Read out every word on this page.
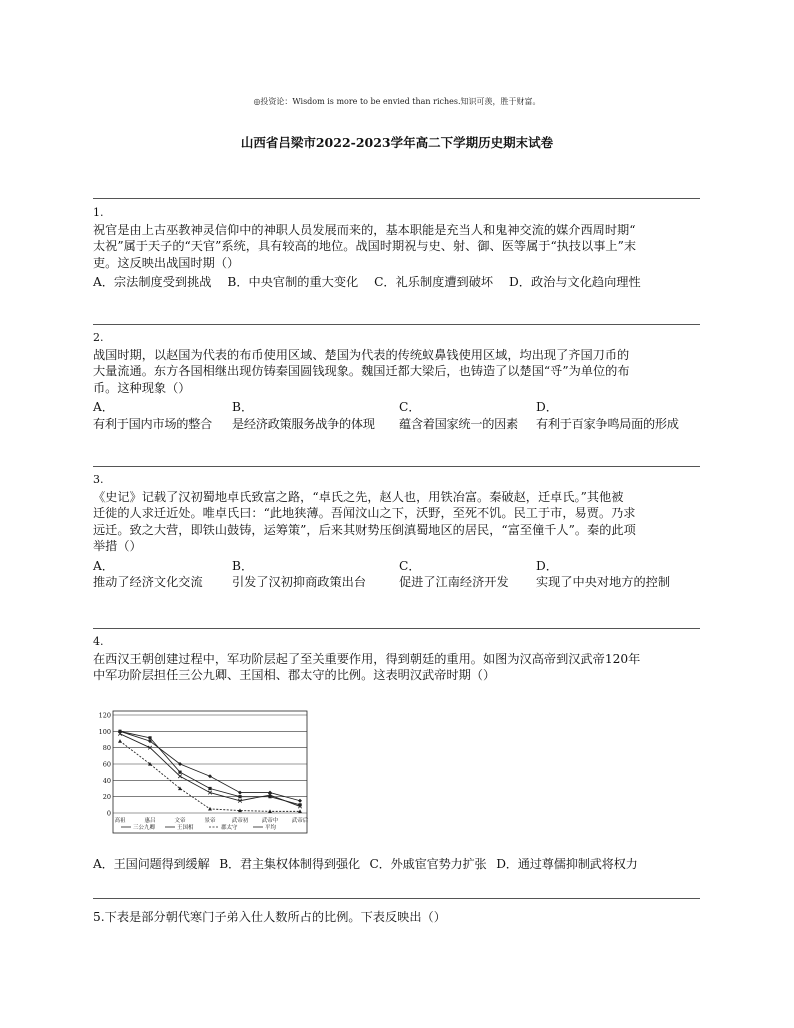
◎投资论：Wisdom is more to be envied than riches.知识可羡，胜于财富。
山西省吕梁市2022-2023学年高二下学期历史期末试卷
1.
祝官是由上古巫教神灵信仰中的神职人员发展而来的，基本职能是充当人和鬼神交流的媒介西周时期“
太祝”属于天子的“天官”系统，具有较高的地位。战国时期祝与史、射、御、医等属于“执技以事上”末
吏。这反映出战国时期（）
A．宗法制度受到挑战 B．中央官制的重大变化 C．礼乐制度遭到破坏 D．政治与文化趋向理性
2.
战国时期，以赵国为代表的布币使用区域、楚国为代表的传统蚁鼻钱使用区域，均出现了齐国刀币的
大量流通。东方各国相继出现仿铸秦国圆钱现象。魏国迁都大梁后，也铸造了以楚国“寽”为单位的布
币。这种现象（）
A．	B．	C．	D．
有利于国内市场的整合	是经济政策服务战争的体现	蕴含着国家统一的因素	有利于百家争鸣局面的形成
3.
《史记》记载了汉初蜀地卓氏致富之路，“卓氏之先，赵人也，用铁冶富。秦破赵，迁卓氏。”其他被
迁徙的人求迁近处。唯卓氏曰：“此地狭薄。吾闻汶山之下，沃野，至死不饥。民工于市，易贾。乃求
远迁。致之大营，即铁山鼓铸，运筹策”，后来其财势压倒滇蜀地区的居民，“富至僮千人”。秦的此项
举措（）
A．	B．	C．	D．
推动了经济文化交流	引发了汉初抑商政策出台	促进了江南经济开发	实现了中央对地方的控制
4.
在西汉王朝创建过程中，军功阶层起了至关重要作用，得到朝廷的重用。如图为汉高帝到汉武帝120年
中军功阶层担任三公九卿、王国相、郡太守的比例。这表明汉武帝时期（）
0
20
40
60
80
100
120
高祖	惠吕	文帝	景帝	武帝初 武帝中 武帝后
三公九卿	王国相	郡太守	平均
A．王国问题得到缓解 B．君主集权体制得到强化 C．外戚宦官势力扩张 D．通过尊儒抑制武将权力
5.下表是部分朝代寒门子弟入仕人数所占的比例。下表反映出（）
